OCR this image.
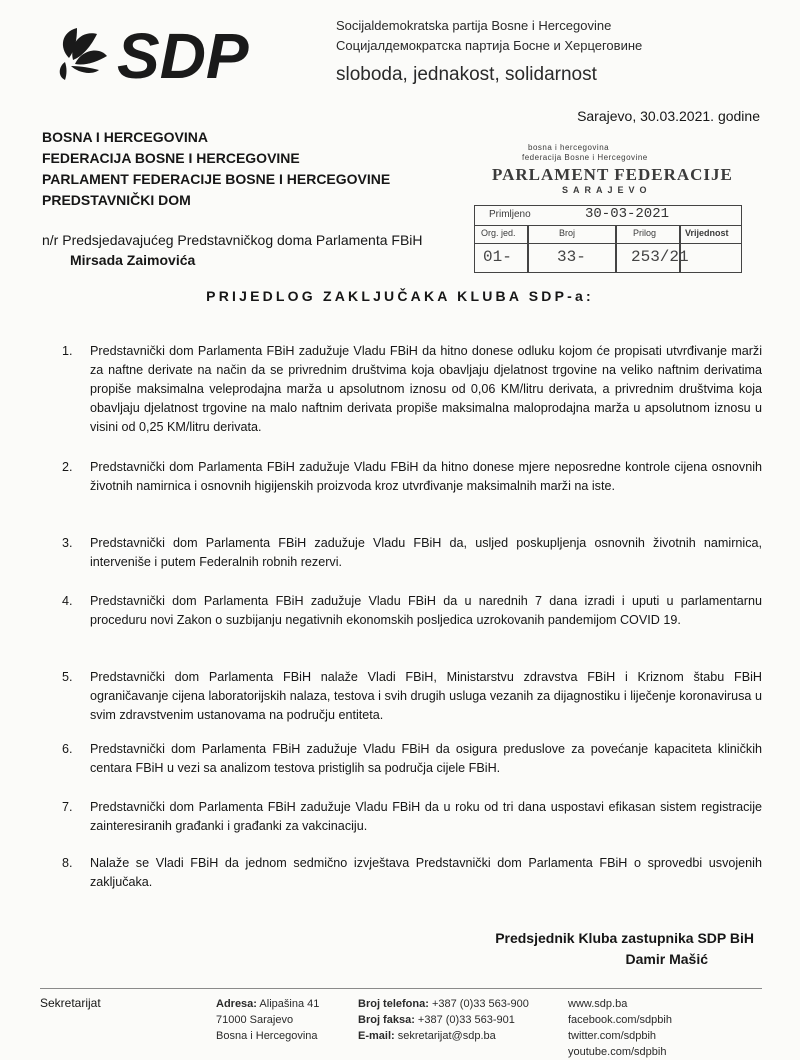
SDP	Socijaldemokratska partija Bosne i Hercegovine
Социјалдемократска партија Босне и Херцеговине
sloboda, jednakost, solidarnost
Sarajevo, 30.03.2021. godine
BOSNA I HERCEGOVINA
FEDERACIJA BOSNE I HERCEGOVINE
PARLAMENT FEDERACIJE BOSNE I HERCEGOVINE
PREDSTAVNIČKI DOM
n/r Predsjedavajućeg Predstavničkog doma Parlamenta FBiH
Mirsada Zaimovića
bosna i hercegovina
federacija Bosne i Hercegovine
PARLAMENT FEDERACIJE
SARAJEVO
Primljeno	30-03-2021
Org. jed.	Broj	Prilog	Vrijednost
01-	33-	253/21
PRIJEDLOG ZAKLJUČAKA KLUBA SDP-a:
1.	Predstavnički dom Parlamenta FBiH zadužuje Vladu FBiH da hitno donese odluku kojom će propisati utvrđivanje marži za naftne derivate na način da se privrednim društvima koja obavljaju djelatnost trgovine na veliko naftnim derivatima propiše maksimalna veleprodajna marža u apsolutnom iznosu od 0,06 KM/litru derivata, a privrednim društvima koja obavljaju djelatnost trgovine na malo naftnim derivata propiše maksimalna maloprodajna marža u apsolutnom iznosu u visini od 0,25 KM/litru derivata.
2.	Predstavnički dom Parlamenta FBiH zadužuje Vladu FBiH da hitno donese mjere neposredne kontrole cijena osnovnih životnih namirnica i osnovnih higijenskih proizvoda kroz utvrđivanje maksimalnih marži na iste.
3.	Predstavnički dom Parlamenta FBiH zadužuje Vladu FBiH da, usljed poskupljenja osnovnih životnih namirnica, interveniše i putem Federalnih robnih rezervi.
4.	Predstavnički dom Parlamenta FBiH zadužuje Vladu FBiH da u narednih 7 dana izradi i uputi u parlamentarnu proceduru novi Zakon o suzbijanju negativnih ekonomskih posljedica uzrokovanih pandemijom COVID 19.
5.	Predstavnički dom Parlamenta FBiH nalaže Vladi FBiH, Ministarstvu zdravstva FBiH i Kriznom štabu FBiH ograničavanje cijena laboratorijskih nalaza, testova i svih drugih usluga vezanih za dijagnostiku i liječenje koronavirusa u svim zdravstvenim ustanovama na području entiteta.
6.	Predstavnički dom Parlamenta FBiH zadužuje Vladu FBiH da osigura preduslove za povećanje kapaciteta kliničkih centara FBiH u vezi sa analizom testova pristiglih sa područja cijele FBiH.
7.	Predstavnički dom Parlamenta FBiH zadužuje Vladu FBiH da u roku od tri dana uspostavi efikasan sistem registracije zainteresiranih građanki i građanki za vakcinaciju.
8.	Nalaže se Vladi FBiH da jednom sedmično izvještava Predstavnički dom Parlamenta FBiH o sprovedbi usvojenih zaključaka.
Predsjednik Kluba zastupnika SDP BiH
Damir Mašić
Sekretarijat	Adresa: Alipašina 41
71000 Sarajevo
Bosna i Hercegovina
Broj telefona: +387 (0)33 563-900
Broj faksa: +387 (0)33 563-901
E-mail: sekretarijat@sdp.ba
www.sdp.ba
facebook.com/sdpbih
twitter.com/sdpbih
youtube.com/sdpbih
